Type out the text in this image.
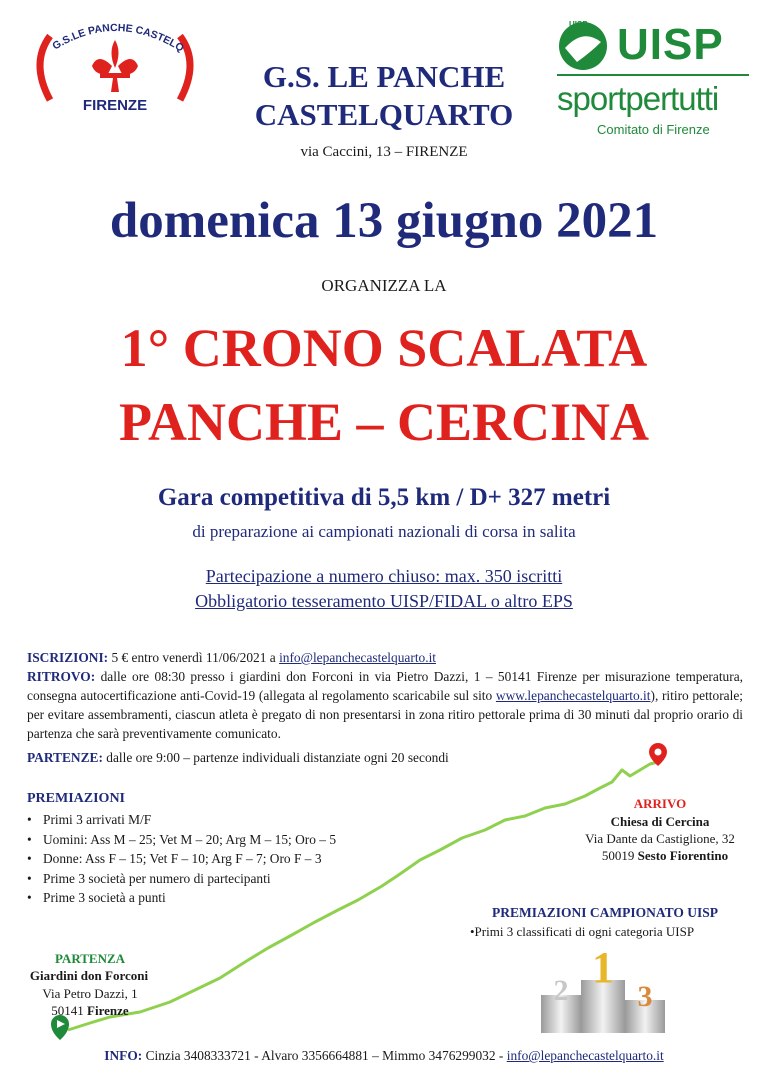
G.S.LE PANCHE CASTELQ
FIRENZE
UISP UISP
sportpertutti
Comitato di Firenze
G.S. LE PANCHE
CASTELQUARTO
via Caccini, 13 – FIRENZE
domenica 13 giugno 2021
ORGANIZZA LA
1° CRONO SCALATA
PANCHE – CERCINA
Gara competitiva di 5,5 km / D+ 327 metri
di preparazione ai campionati nazionali di corsa in salita
Partecipazione a numero chiuso: max. 350 iscritti
Obbligatorio tesseramento UISP/FIDAL o altro EPS
ISCRIZIONI: 5 € entro venerdì 11/06/2021 a info@lepanchecastelquarto.it
RITROVO: dalle ore 08:30 presso i giardini don Forconi in via Pietro Dazzi, 1 – 50141 Firenze per misurazione temperatura, consegna autocertificazione anti-Covid-19 (allegata al regolamento scaricabile sul sito www.lepanchecastelquarto.it), ritiro pettorale; per evitare assembramenti, ciascun atleta è pregato di non presentarsi in zona ritiro pettorale prima di 30 minuti dal proprio orario di partenza che sarà preventivamente comunicato.
PARTENZE: dalle ore 9:00 – partenze individuali distanziate ogni 20 secondi
PREMIAZIONI
• Primi 3 arrivati M/F
• Uomini: Ass M – 25; Vet M – 20; Arg M – 15; Oro – 5
• Donne: Ass F – 15; Vet F – 10; Arg F – 7; Oro F – 3
• Prime 3 società per numero di partecipanti
• Prime 3 società a punti
ARRIVO
Chiesa di Cercina
Via Dante da Castiglione, 32
50019 Sesto Fiorentino
PREMIAZIONI CAMPIONATO UISP
•Primi 3 classificati di ogni categoria UISP
2 1
3
PARTENZA
Giardini don Forconi
Via Petro Dazzi, 1
50141 Firenze
INFO: Cinzia 3408333721 - Alvaro 3356664881 – Mimmo 3476299032 - info@lepanchecastelquarto.it
